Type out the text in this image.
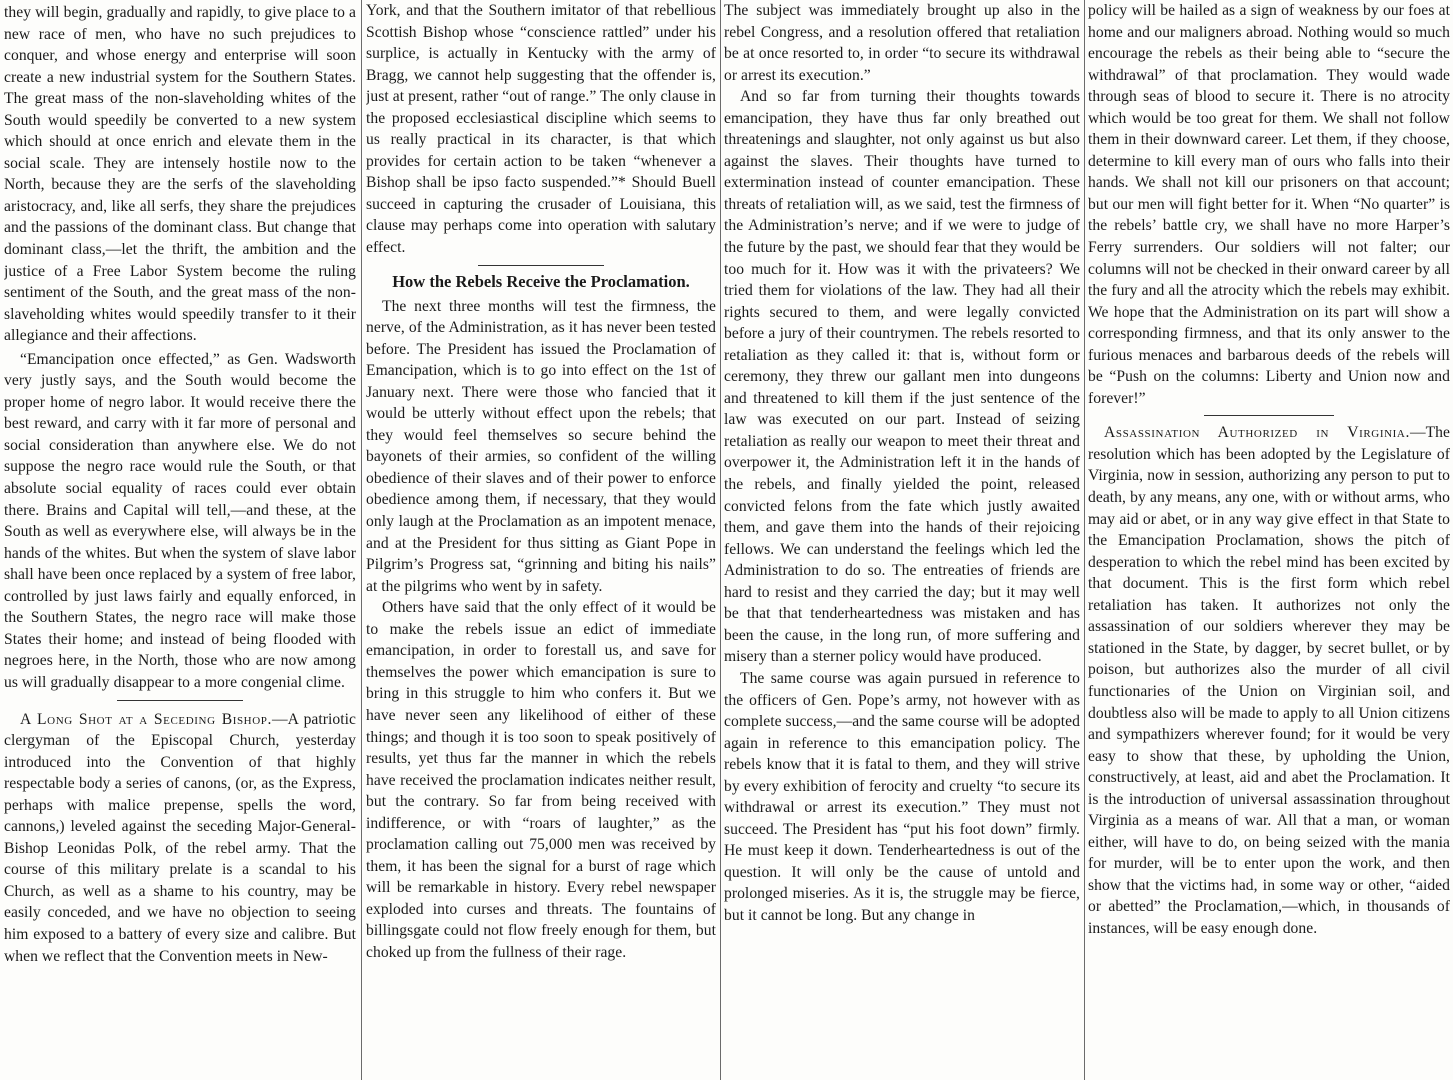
they will begin, gradually and rapidly, to give place to a new race of men, who have no such prejudices to conquer, and whose energy and enterprise will soon create a new industrial system for the Southern States. The great mass of the non-slaveholding whites of the South would speedily be converted to a new system which should at once enrich and elevate them in the social scale. They are intensely hostile now to the North, because they are the serfs of the slaveholding aristocracy, and, like all serfs, they share the prejudices and the passions of the dominant class. But change that dominant class,—let the thrift, the ambition and the justice of a Free Labor System become the ruling sentiment of the South, and the great mass of the non-slaveholding whites would speedily transfer to it their allegiance and their affections.

“Emancipation once effected,” as Gen. Wadsworth very justly says, and the South would become the proper home of negro labor. It would receive there the best reward, and carry with it far more of personal and social consideration than anywhere else. We do not suppose the negro race would rule the South, or that absolute social equality of races could ever obtain there. Brains and Capital will tell,—and these, at the South as well as everywhere else, will always be in the hands of the whites. But when the system of slave labor shall have been once replaced by a system of free labor, controlled by just laws fairly and equally enforced, in the Southern States, the negro race will make those States their home; and instead of being flooded with negroes here, in the North, those who are now among us will gradually disappear to a more congenial clime.

A Long Shot at a Seceding Bishop.—A patriotic clergyman of the Episcopal Church, yesterday introduced into the Convention of that highly respectable body a series of canons, (or, as the Express, perhaps with malice prepense, spells the word, cannons,) leveled against the seceding Major-General-Bishop Leonidas Polk, of the rebel army. That the course of this military prelate is a scandal to his Church, as well as a shame to his country, may be easily conceded, and we have no objection to seeing him exposed to a battery of every size and calibre. But when we reflect that the Convention meets in New-

York, and that the Southern imitator of that rebellious Scottish Bishop whose “conscience rattled” under his surplice, is actually in Kentucky with the army of Bragg, we cannot help suggesting that the offender is, just at present, rather “out of range.” The only clause in the proposed ecclesiastical discipline which seems to us really practical in its character, is that which provides for certain action to be taken “whenever a Bishop shall be ipso facto suspended.”* Should Buell succeed in capturing the crusader of Louisiana, this clause may perhaps come into operation with salutary effect.

How the Rebels Receive the Proclamation.

The next three months will test the firmness, the nerve, of the Administration, as it has never been tested before. The President has issued the Proclamation of Emancipation, which is to go into effect on the 1st of January next. There were those who fancied that it would be utterly without effect upon the rebels; that they would feel themselves so secure behind the bayonets of their armies, so confident of the willing obedience of their slaves and of their power to enforce obedience among them, if necessary, that they would only laugh at the Proclamation as an impotent menace, and at the President for thus sitting as Giant Pope in Pilgrim’s Progress sat, “grinning and biting his nails” at the pilgrims who went by in safety.

Others have said that the only effect of it would be to make the rebels issue an edict of immediate emancipation, in order to forestall us, and save for themselves the power which emancipation is sure to bring in this struggle to him who confers it. But we have never seen any likelihood of either of these things; and though it is too soon to speak positively of results, yet thus far the manner in which the rebels have received the proclamation indicates neither result, but the contrary. So far from being received with indifference, or with “roars of laughter,” as the proclamation calling out 75,000 men was received by them, it has been the signal for a burst of rage which will be remarkable in history. Every rebel newspaper exploded into curses and threats. The fountains of billingsgate could not flow freely enough for them, but choked up from the fullness of their rage.

The subject was immediately brought up also in the rebel Congress, and a resolution offered that retaliation be at once resorted to, in order “to secure its withdrawal or arrest its execution.”

And so far from turning their thoughts towards emancipation, they have thus far only breathed out threatenings and slaughter, not only against us but also against the slaves. Their thoughts have turned to extermination instead of counter emancipation. These threats of retaliation will, as we said, test the firmness of the Administration’s nerve; and if we were to judge of the future by the past, we should fear that they would be too much for it. How was it with the privateers? We tried them for violations of the law. They had all their rights secured to them, and were legally convicted before a jury of their countrymen. The rebels resorted to retaliation as they called it: that is, without form or ceremony, they threw our gallant men into dungeons and threatened to kill them if the just sentence of the law was executed on our part. Instead of seizing retaliation as really our weapon to meet their threat and overpower it, the Administration left it in the hands of the rebels, and finally yielded the point, released convicted felons from the fate which justly awaited them, and gave them into the hands of their rejoicing fellows. We can understand the feelings which led the Administration to do so. The entreaties of friends are hard to resist and they carried the day; but it may well be that that tenderheartedness was mistaken and has been the cause, in the long run, of more suffering and misery than a sterner policy would have produced.

The same course was again pursued in reference to the officers of Gen. Pope’s army, not however with as complete success,—and the same course will be adopted again in reference to this emancipation policy. The rebels know that it is fatal to them, and they will strive by every exhibition of ferocity and cruelty “to secure its withdrawal or arrest its execution.” They must not succeed. The President has “put his foot down” firmly. He must keep it down. Tenderheartedness is out of the question. It will only be the cause of untold and prolonged miseries. As it is, the struggle may be fierce, but it cannot be long. But any change in

policy will be hailed as a sign of weakness by our foes at home and our maligners abroad. Nothing would so much encourage the rebels as their being able to “secure the withdrawal” of that proclamation. They would wade through seas of blood to secure it. There is no atrocity which would be too great for them. We shall not follow them in their downward career. Let them, if they choose, determine to kill every man of ours who falls into their hands. We shall not kill our prisoners on that account; but our men will fight better for it. When “No quarter” is the rebels’ battle cry, we shall have no more Harper’s Ferry surrenders. Our soldiers will not falter; our columns will not be checked in their onward career by all the fury and all the atrocity which the rebels may exhibit. We hope that the Administration on its part will show a corresponding firmness, and that its only answer to the furious menaces and barbarous deeds of the rebels will be “Push on the columns: Liberty and Union now and forever!”

Assassination Authorized in Virginia.—The resolution which has been adopted by the Legislature of Virginia, now in session, authorizing any person to put to death, by any means, any one, with or without arms, who may aid or abet, or in any way give effect in that State to the Emancipation Proclamation, shows the pitch of desperation to which the rebel mind has been excited by that document. This is the first form which rebel retaliation has taken. It authorizes not only the assassination of our soldiers wherever they may be stationed in the State, by dagger, by secret bullet, or by poison, but authorizes also the murder of all civil functionaries of the Union on Virginian soil, and doubtless also will be made to apply to all Union citizens and sympathizers wherever found; for it would be very easy to show that these, by upholding the Union, constructively, at least, aid and abet the Proclamation. It is the introduction of universal assassination throughout Virginia as a means of war. All that a man, or woman either, will have to do, on being seized with the mania for murder, will be to enter upon the work, and then show that the victims had, in some way or other, “aided or abetted” the Proclamation,—which, in thousands of instances, will be easy enough done.
